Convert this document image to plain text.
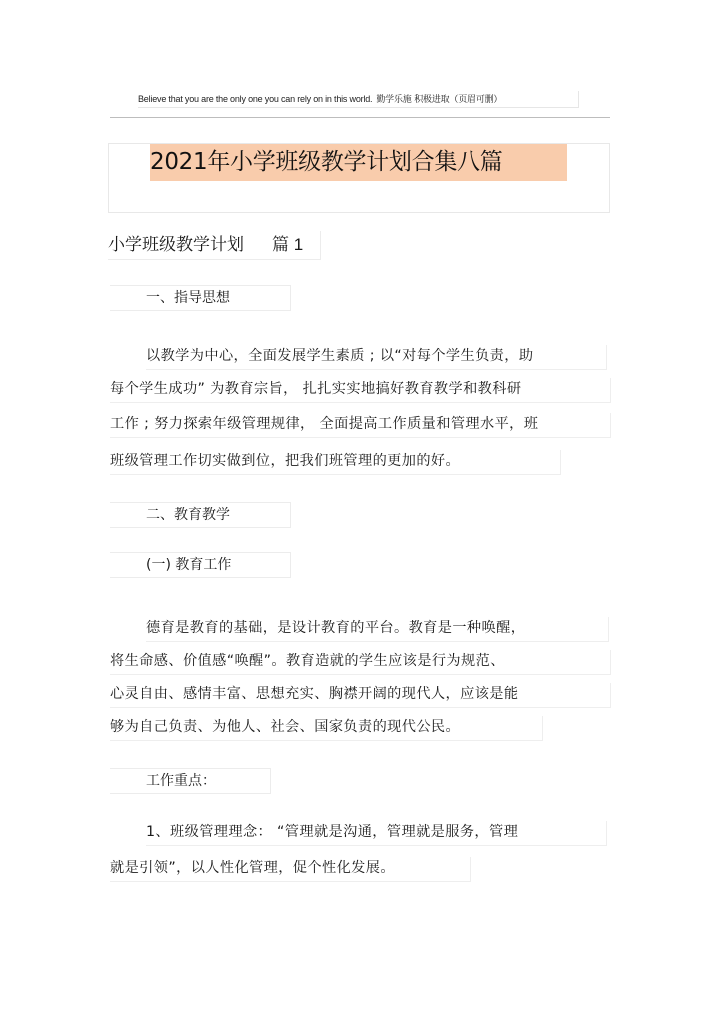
Believe that you are the only one you can rely on in this world. 勤学乐施 积极进取（页眉可删）
2021年小学班级教学计划合集八篇
小学班级教学计划 篇 1
一、指导思想
以教学为中心，全面发展学生素质 ; 以“对每个学生负责，助
每个学生成功” 为教育宗旨， 扎扎实实地搞好教育教学和教科研
工作 ; 努力探索年级管理规律， 全面提高工作质量和管理水平，班
班级管理工作切实做到位，把我们班管理的更加的好。
二、教育教学
(一) 教育工作
德育是教育的基础，是设计教育的平台。教育是一种唤醒，
将生命感、价值感“唤醒”。教育造就的学生应该是行为规范、
心灵自由、感情丰富、思想充实、胸襟开阔的现代人，应该是能
够为自己负责、为他人、社会、国家负责的现代公民。
工作重点：
1、班级管理理念： “管理就是沟通，管理就是服务，管理
就是引领”，以人性化管理，促个性化发展。
